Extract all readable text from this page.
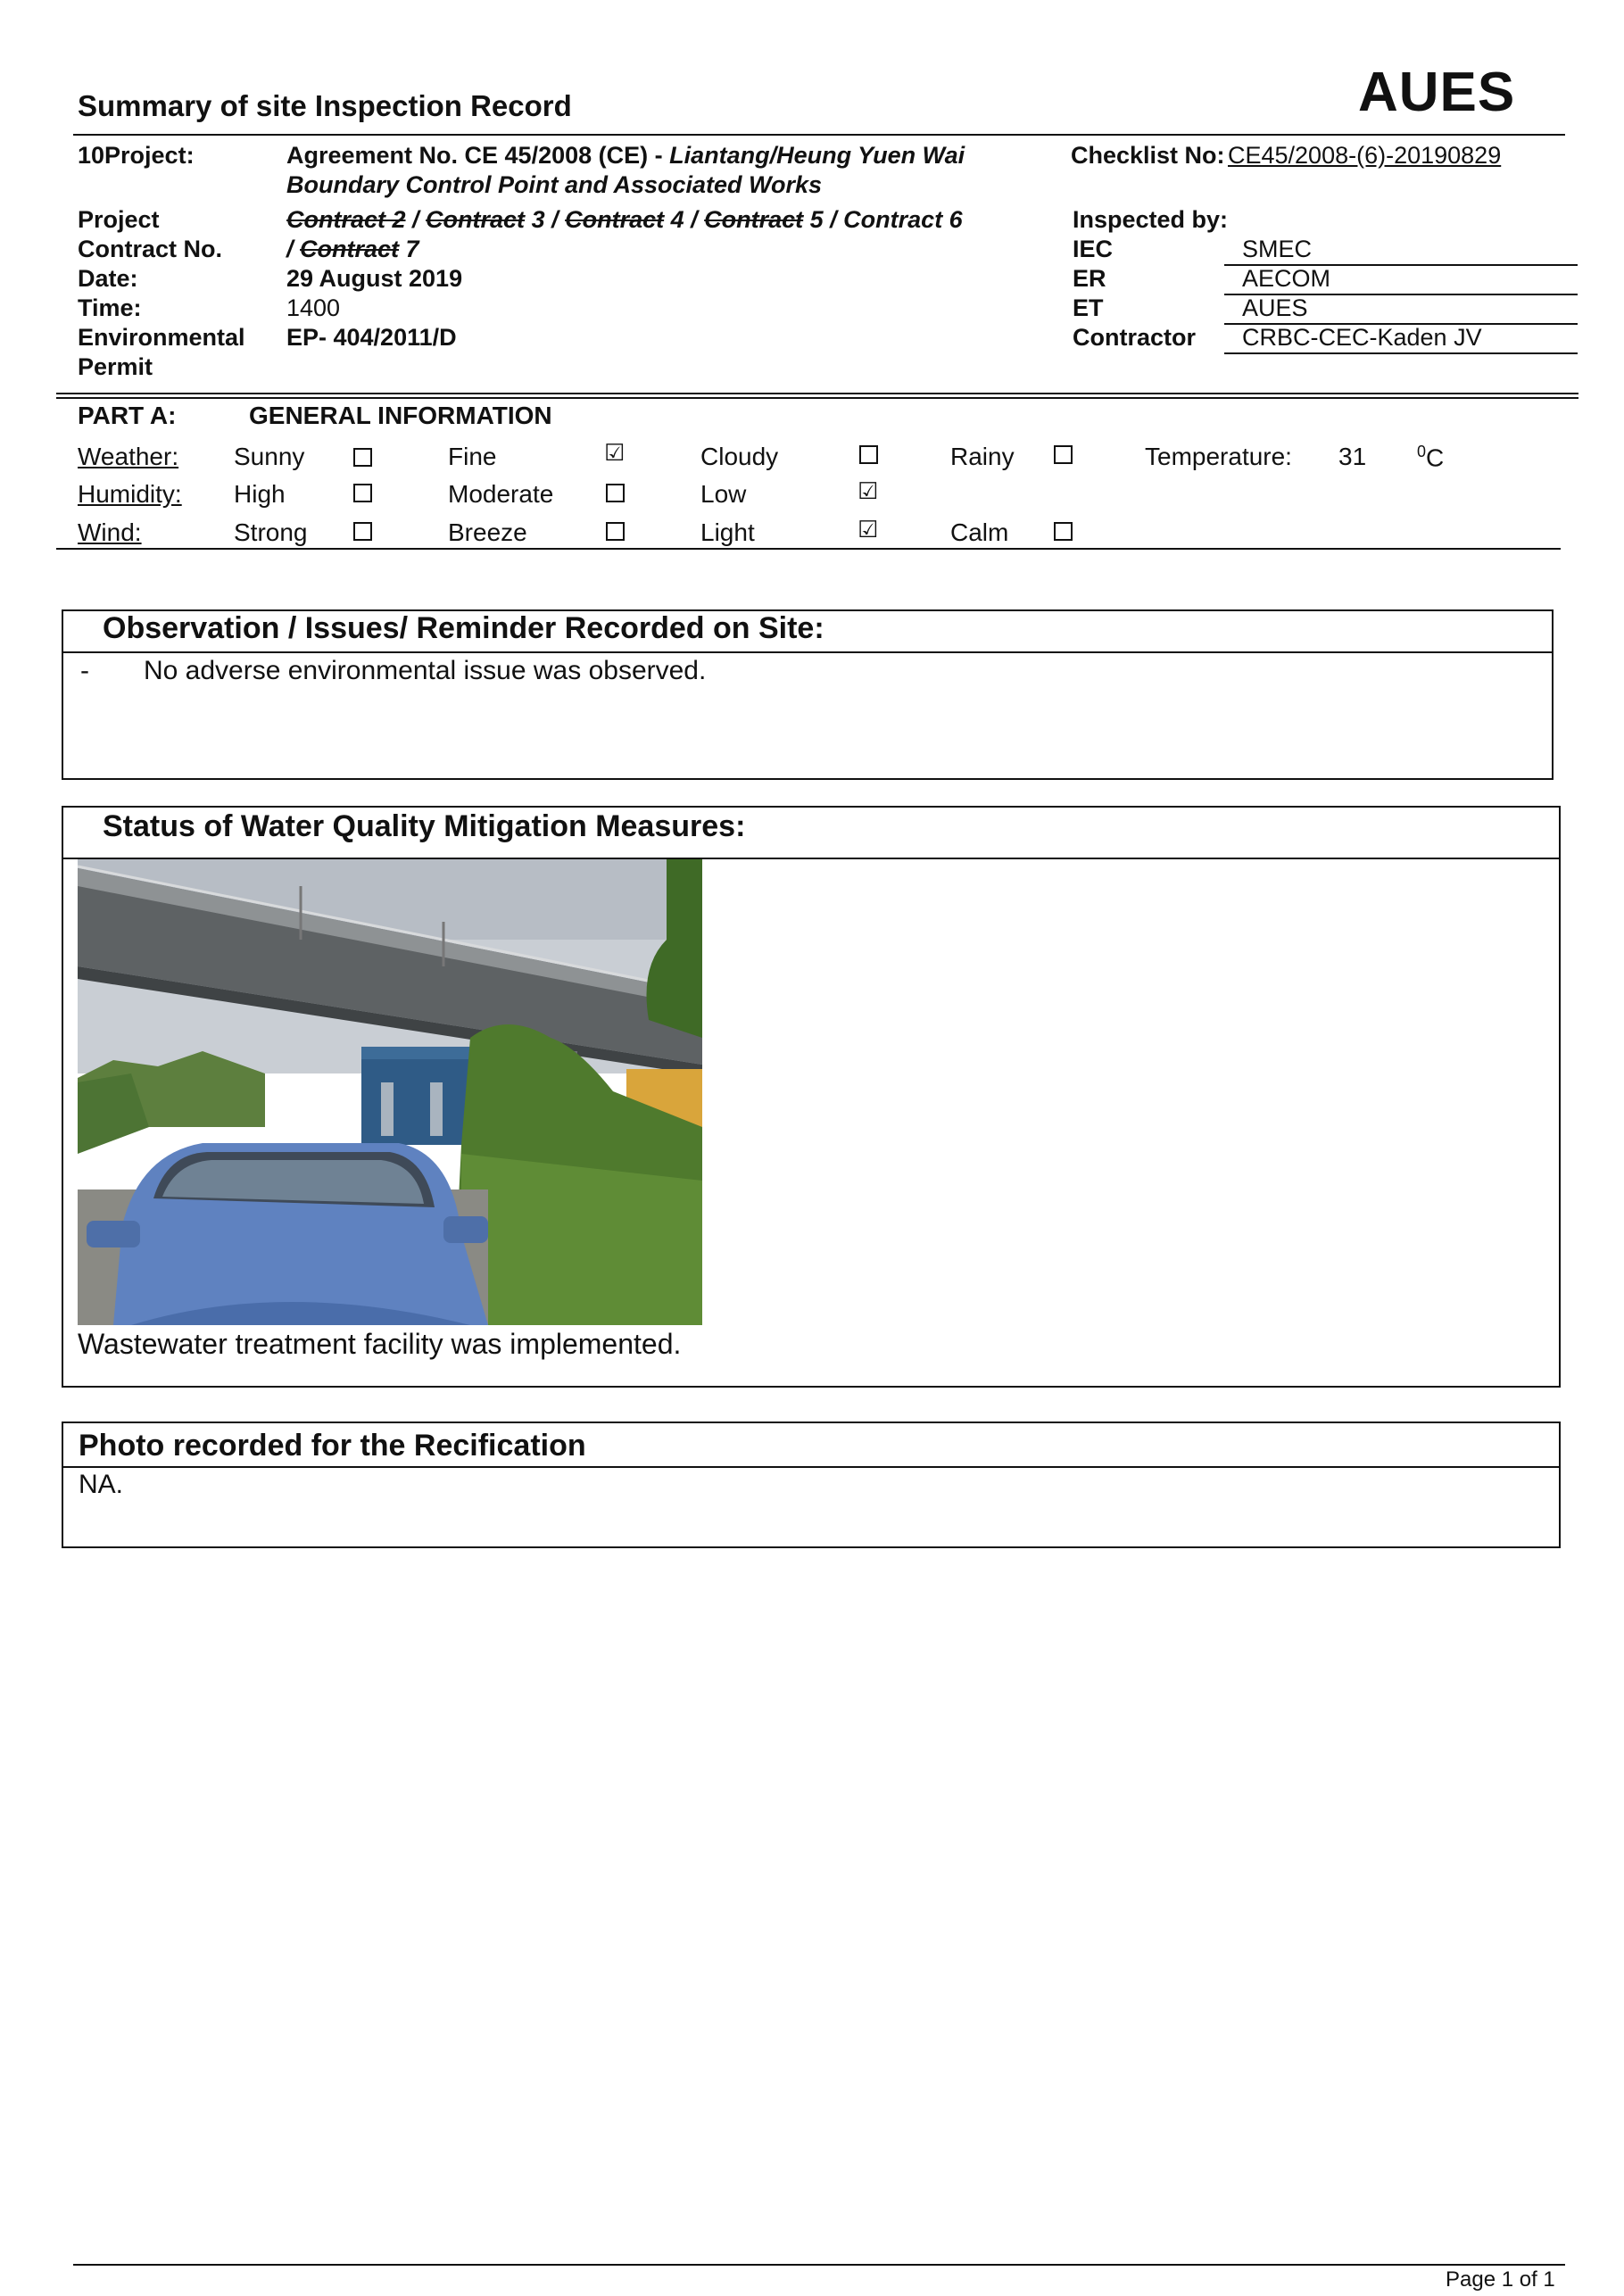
AUES
Summary of site Inspection Record
10Project:	Agreement No. CE 45/2008 (CE) - Liantang/Heung Yuen Wai
Boundary Control Point and Associated Works
Checklist No: CE45/2008-(6)-20190829
Project
Contract No.
Contract 2 / Contract 3 / Contract 4 / Contract 5 / Contract 6
/ Contract 7
Date:	29 August 2019
Time:	1400
Environmental
Permit
EP- 404/2011/D
Inspected by:
IEC	SMEC
ER	AECOM
ET	AUES
Contractor CRBC-CEC-Kaden JV
PART A:	GENERAL INFORMATION
Weather: Sunny	Fine	☑	Cloudy	Rainy	Temperature: 31	$^0$C
Humidity: High	Moderate	Low	☑
Wind:	Strong	Breeze	Light	☑	Calm
Observation / Issues/ Reminder Recorded on Site:
- No adverse environmental issue was observed.
Status of Water Quality Mitigation Measures:
Wastewater treatment facility was implemented.
Photo recorded for the Recification
NA.
Page 1 of 1
